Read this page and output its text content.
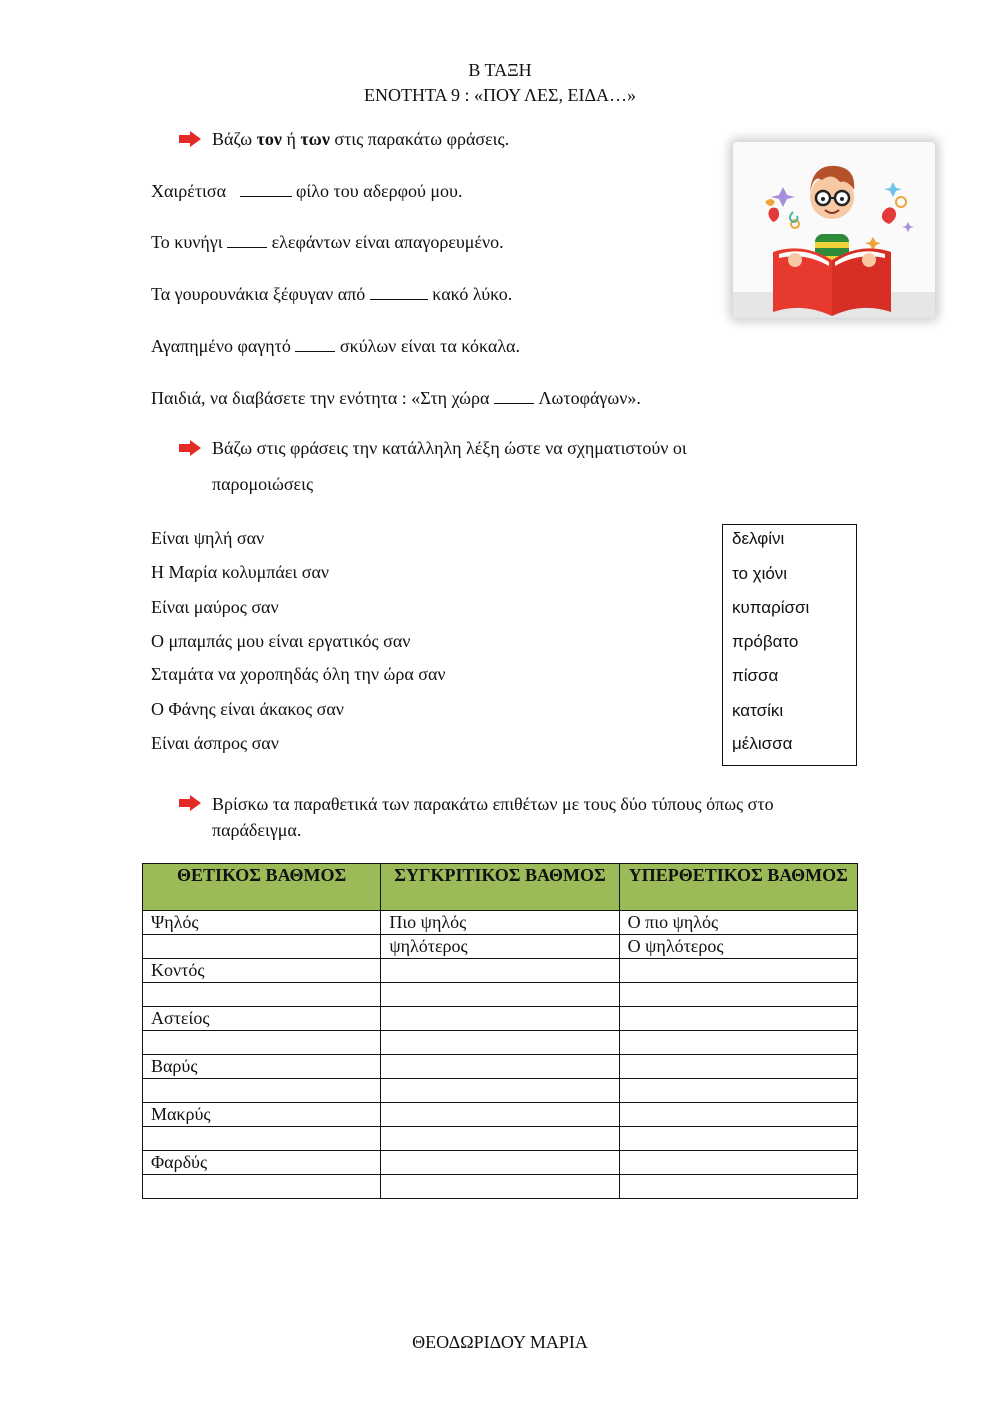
Β ΤΑΞΗ
ΕΝΟΤΗΤΑ 9 : «ΠΟΥ ΛΕΣ, ΕΙΔΑ…»
Βάζω τον ή των στις παρακάτω φράσεις.
Χαιρέτισα	φίλο του αδερφού μου.
Το κυνήγι	ελεφάντων είναι απαγορευμένο.
Τα γουρουνάκια ξέφυγαν από	κακό λύκο.
Αγαπημένο φαγητό	σκύλων είναι τα κόκαλα.
Παιδιά, να διαβάσετε την ενότητα : «Στη χώρα	Λωτοφάγων».
Βάζω στις φράσεις την κατάλληλη λέξη ώστε να σχηματιστούν οι
παρομοιώσεις
Είναι ψηλή σαν
Η Μαρία κολυμπάει σαν
Είναι μαύρος σαν
Ο μπαμπάς μου είναι εργατικός σαν
Σταμάτα να χοροπηδάς όλη την ώρα σαν
Ο Φάνης είναι άκακος σαν
Είναι άσπρος σαν
δελφίνι
το χιόνι
κυπαρίσσι
πρόβατο
πίσσα
κατσίκι
μέλισσα
Βρίσκω τα παραθετικά των παρακάτω επιθέτων με τους δύο τύπους όπως στο
παράδειγμα.
ΘΕΤΙΚΟΣ ΒΑΘΜΟΣ	ΣΥΓΚΡΙΤΙΚΟΣ ΒΑΘΜΟΣ	ΥΠΕΡΘΕΤΙΚΟΣ ΒΑΘΜΟΣ
Ψηλός	Πιο ψηλός	Ο πιο ψηλός
	ψηλότερος	Ο ψηλότερος
Κοντός		

Αστείος		

Βαρύς		

Μακρύς		

Φαρδύς		

ΘΕΟΔΩΡΙΔΟΥ ΜΑΡΙΑ
